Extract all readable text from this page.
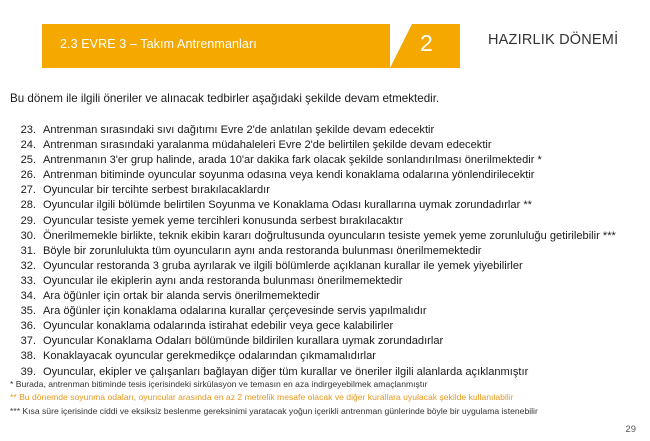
2.3 EVRE 3 – Takım Antrenmanları	2	HAZIRLIK DÖNEMİ
Bu dönem ile ilgili öneriler ve alınacak tedbirler aşağıdaki şekilde devam etmektedir.
23. Antrenman sırasındaki sıvı dağıtımı Evre 2'de anlatılan şekilde devam edecektir
24. Antrenman sırasındaki yaralanma müdahaleleri Evre 2'de belirtilen şekilde devam edecektir
25. Antrenmanın 3'er grup halinde, arada 10'ar dakika fark olacak şekilde sonlandırılması önerilmektedir *
26. Antrenman bitiminde oyuncular soyunma odasına veya kendi konaklama odalarına yönlendirilecektir
27. Oyuncular bir tercihte serbest bırakılacaklardır
28. Oyuncular ilgili bölümde belirtilen Soyunma ve Konaklama Odası kurallarına uymak zorundadırlar **
29. Oyuncular tesiste yemek yeme tercihleri konusunda serbest bırakılacaktır
30. Önerilmemekle birlikte, teknik ekibin kararı doğrultusunda oyuncuların tesiste yemek yeme zorunluluğu getirilebilir ***
31. Böyle bir zorunlulukta tüm oyuncuların aynı anda restoranda bulunması önerilmemektedir
32. Oyuncular restoranda 3 gruba ayrılarak ve ilgili bölümlerde açıklanan kurallar ile yemek yiyebilirler
33. Oyuncular ile ekiplerin aynı anda restoranda bulunması önerilmemektedir
34. Ara öğünler için ortak bir alanda servis önerilmemektedir
35. Ara öğünler için konaklama odalarına kurallar çerçevesinde servis yapılmalıdır
36. Oyuncular konaklama odalarında istirahat edebilir veya gece kalabilirler
37. Oyuncular Konaklama Odaları bölümünde bildirilen kurallara uymak zorundadırlar
38. Konaklayacak oyuncular gerekmedikçe odalarından çıkmamalıdırlar
39. Oyuncular, ekipler ve çalışanları bağlayan diğer tüm kurallar ve öneriler ilgili alanlarda açıklanmıştır
* Burada, antrenman bitiminde tesis içerisindeki sirkülasyon ve temasın en aza indirgeyebilmek amaçlanmıştır
** Bu dönemde soyunma odaları, oyuncular arasında en az 2 metrelik mesafe olacak ve diğer kurallara uyulacak şekilde kullanılabilir
*** Kısa süre içerisinde ciddi ve eksiksiz beslenme gereksinimi yaratacak yoğun içerikli antrenman günlerinde böyle bir uygulama istenebilir
29
